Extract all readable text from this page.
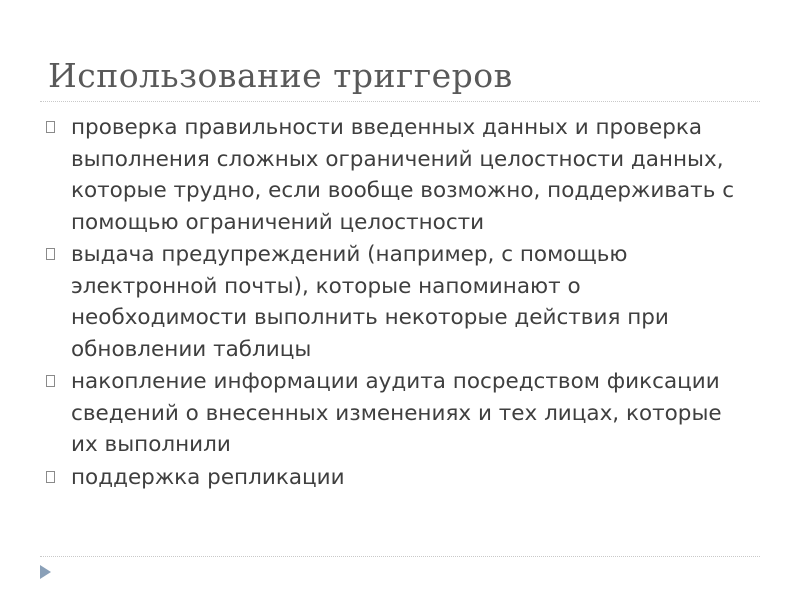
Использование триггеров
проверка правильности введенных данных и проверка выполнения сложных ограничений целостности данных, которые трудно, если вообще возможно, поддерживать с помощью ограничений целостности
выдача предупреждений (например, с помощью электронной почты), которые напоминают о необходимости выполнить некоторые действия при обновлении таблицы
накопление информации аудита посредством фиксации сведений о внесенных изменениях и тех лицах, которые их выполнили
поддержка репликации
